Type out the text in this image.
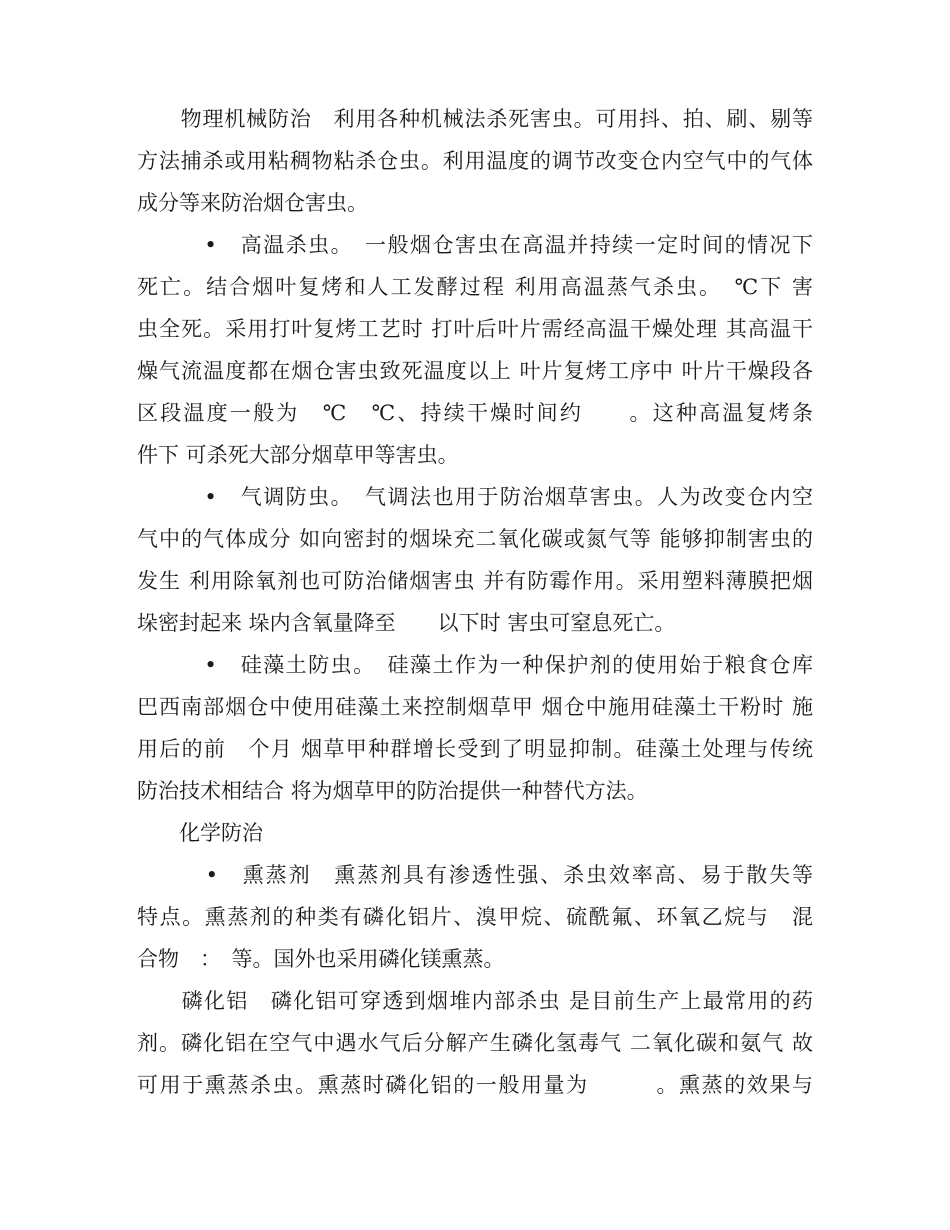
　　物理机械防治　利用各种机械法杀死害虫。可用抖、拍、刷、剔等
方法捕杀或用粘稠物粘杀仓虫。利用温度的调节改变仓内空气中的气体
成分等来防治烟仓害虫。
　　　•　高温杀虫。　一般烟仓害虫在高温并持续一定时间的情况下
死亡。结合烟叶复烤和人工发酵过程 利用高温蒸气杀虫。　℃下 害
虫全死。采用打叶复烤工艺时 打叶后叶片需经高温干燥处理 其高温干
燥气流温度都在烟仓害虫致死温度以上 叶片复烤工序中 叶片干燥段各
区段温度一般为　℃　℃、持续干燥时间约　　。这种高温复烤条
件下 可杀死大部分烟草甲等害虫。
　　　•　气调防虫。　气调法也用于防治烟草害虫。人为改变仓内空
气中的气体成分 如向密封的烟垛充二氧化碳或氮气等 能够抑制害虫的
发生 利用除氧剂也可防治储烟害虫 并有防霉作用。采用塑料薄膜把烟
垛密封起来 垛内含氧量降至　　以下时 害虫可窒息死亡。
　　　•　硅藻土防虫。　硅藻土作为一种保护剂的使用始于粮食仓库
巴西南部烟仓中使用硅藻土来控制烟草甲 烟仓中施用硅藻土干粉时 施
用后的前　个月 烟草甲种群增长受到了明显抑制。硅藻土处理与传统
防治技术相结合 将为烟草甲的防治提供一种替代方法。
　　化学防治
　　　•　熏蒸剂　熏蒸剂具有渗透性强、杀虫效率高、易于散失等
特点。熏蒸剂的种类有磷化铝片、溴甲烷、硫酰氟、环氧乙烷与　混
合物　：　等。国外也采用磷化镁熏蒸。
　　磷化铝　磷化铝可穿透到烟堆内部杀虫 是目前生产上最常用的药
剂。磷化铝在空气中遇水气后分解产生磷化氢毒气 二氧化碳和氨气 故
可用于熏蒸杀虫。熏蒸时磷化铝的一般用量为　　　。熏蒸的效果与
